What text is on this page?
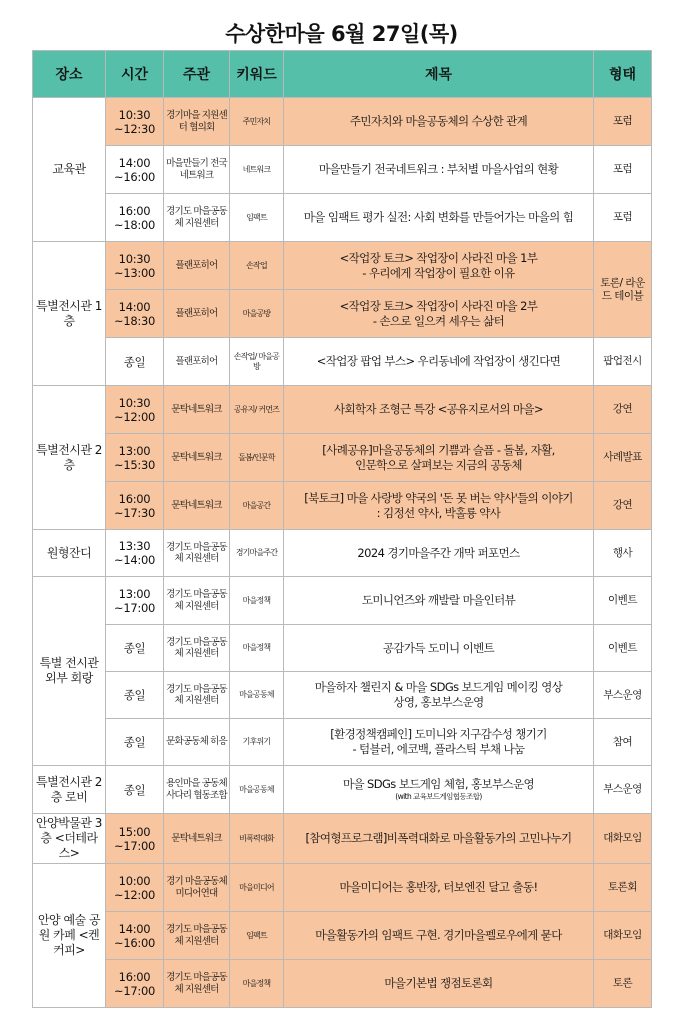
수상한마을 6월 27일(목)
장소	시간	주관	키워드	제목	형태
교육관	10:30 ~12:30	경기마을 지원센터 협의회	주민자치	주민자치와 마을공동체의 수상한 관계	포럼
	14:00 ~16:00	마을만들기 전국 네트워크	네트워크	마을만들기 전국네트워크 : 부처별 마을사업의 현황	포럼
	16:00 ~18:00	경기도 마을공동체 지원센터	임팩트	마을 임팩트 평가 실전: 사회 변화를 만들어가는 마을의 힘	포럼
특별전시관 1층	10:30 ~13:00	플랜포히어	손작업	<작업장 토크> 작업장이 사라진 마을 1부
- 우리에게 작업장이 필요한 이유	토론/ 라운드 테이블
	14:00 ~18:30	플랜포히어	마을공방	<작업장 토크> 작업장이 사라진 마을 2부
- 손으로 일으켜 세우는 삶터	

	종일	플랜포히어	손작업/ 마을공방	<작업장 팝업 부스> 우리동네에 작업장이 생긴다면	팝업전시
특별전시관 2층	10:30 ~12:00	문탁네트워크	공유지/ 커먼즈	사회학자 조형근 특강 <공유지로서의 마을>	강연
	13:00 ~15:30	문탁네트워크	돌봄/인문학	[사례공유]마을공동체의 기쁨과 슬픔 - 돌봄, 자활,
인문학으로 살펴보는 지금의 공동체	사례발표
	16:00 ~17:30	문탁네트워크	마을공간	[북토크] 마을 사랑방 약국의 '돈 못 버는 약사'들의 이야기
: 김정선 약사, 박홀룡 약사	강연
원형잔디	13:30 ~14:00	경기도 마을공동체 지원센터	경기마을주간	2024 경기마을주간 개막 퍼포먼스	행사
특별 전시관 외부 회랑	13:00 ~17:00	경기도 마을공동체 지원센터	마을정책	도미니언즈와 깨발랄 마을인터뷰	이벤트
	종일	경기도 마을공동체 지원센터	마을정책	공감가득 도미니 이벤트	이벤트
	종일	경기도 마을공동체 지원센터	마을공동체	마을하자 챌린지 & 마을 SDGs 보드게임 메이킹 영상
상영, 홍보부스운영	부스운영
	종일	문화공동체 히응	기후위기	[환경정책캠페인] 도미니와 지구감수성 챙기기
- 텀블러, 에코백, 플라스틱 부채 나눔	참여
특별전시관 2층 로비	종일	용인마을 공동체사다리 협동조합	마을공동체	마을 SDGs 보드게임 체험, 홍보부스운영
(with 교육보드게임협동조합)	부스운영
안양박물관 3층 <더테라스>	15:00 ~17:00	문탁네트워크	비폭력대화	[참여형프로그램]비폭력대화로 마을활동가의 고민나누기	대화모임
안양 예술 공원 카페 <켄커피>	10:00 ~12:00	경기 마을공동체 미디어연대	마을미디어	마을미디어는 홍반장, 터보엔진 달고 출동!	토론회
	14:00 ~16:00	경기도 마을공동체 지원센터	임팩트	마을활동가의 임팩트 구현. 경기마을펠로우에게 묻다	대화모임
	16:00 ~17:00	경기도 마을공동체 지원센터	마을정책	마을기본법 쟁점토론회	토론
